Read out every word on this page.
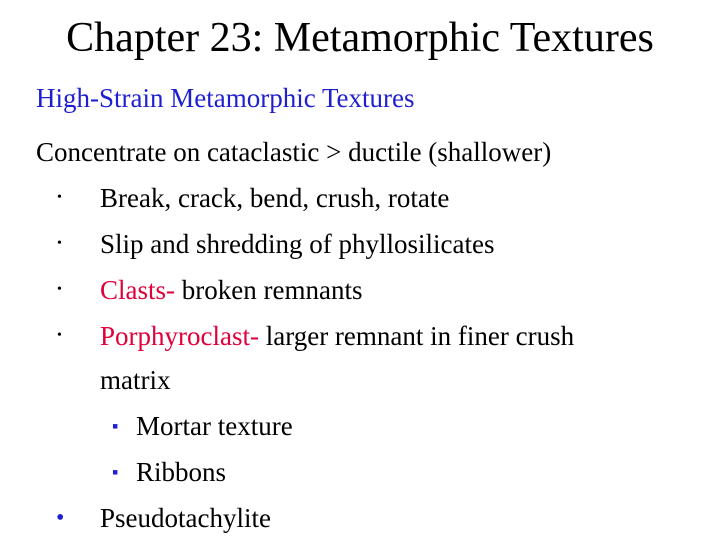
Chapter 23: Metamorphic Textures
High-Strain Metamorphic Textures
Concentrate on cataclastic > ductile (shallower)
• Break, crack, bend, crush, rotate
• Slip and shredding of phyllosilicates
• Clasts- broken remnants
• Porphyroclast- larger remnant in finer crush
matrix
▪ Mortar texture
▪ Ribbons
• Pseudotachylite
